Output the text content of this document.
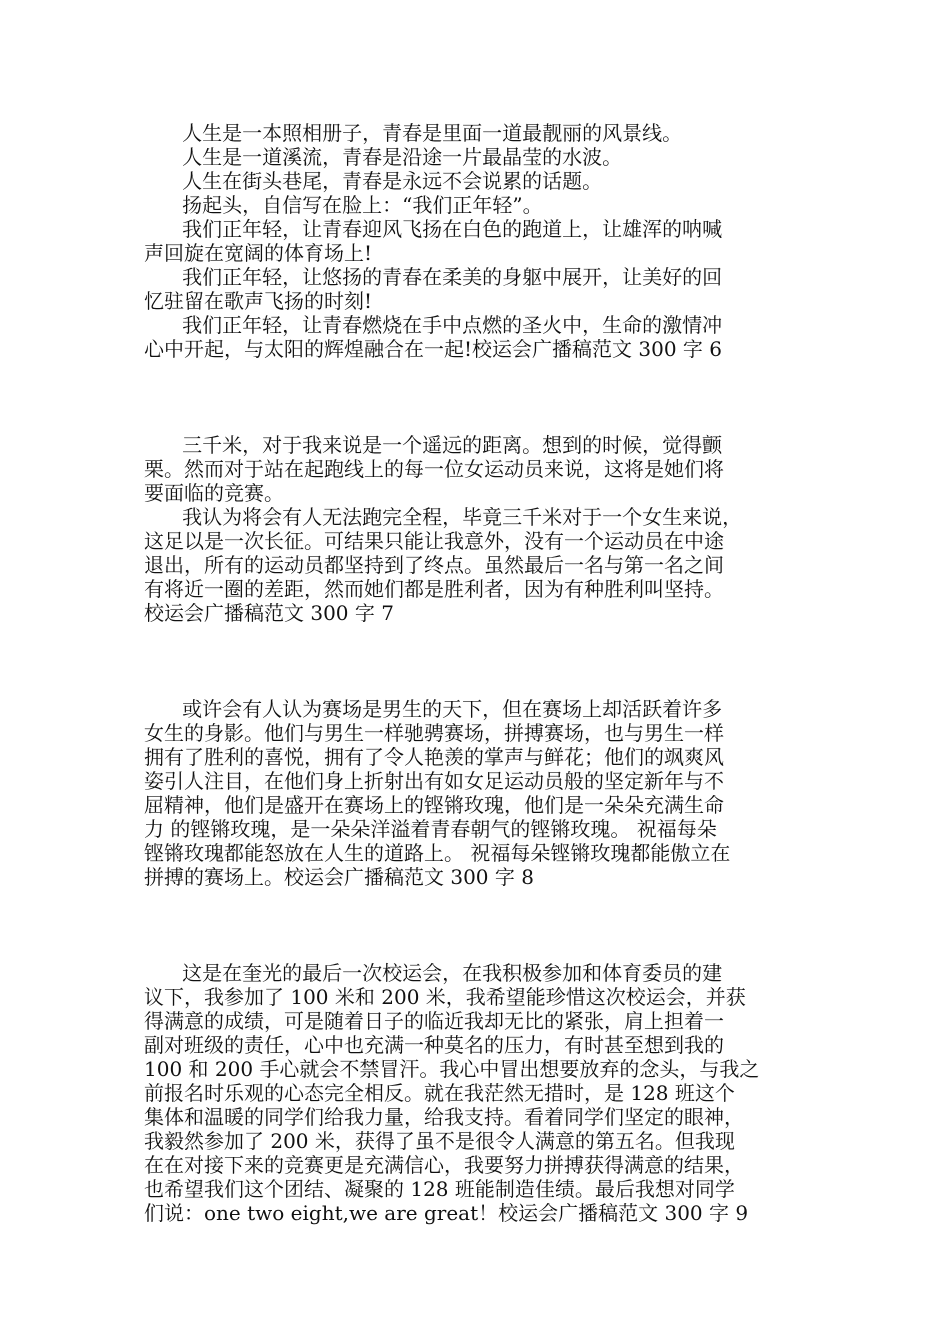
人生是一本照相册子，青春是里面一道最靓丽的风景线。
人生是一道溪流，青春是沿途一片最晶莹的水波。
人生在街头巷尾，青春是永远不会说累的话题。
扬起头，自信写在脸上：“我们正年轻”。
我们正年轻，让青春迎风飞扬在白色的跑道上，让雄浑的呐喊
声回旋在宽阔的体育场上!
我们正年轻，让悠扬的青春在柔美的身躯中展开，让美好的回
忆驻留在歌声飞扬的时刻!
我们正年轻，让青春燃烧在手中点燃的圣火中，生命的激情冲
心中开起，与太阳的辉煌融合在一起!校运会广播稿范文 300 字 6
三千米，对于我来说是一个遥远的距离。想到的时候，觉得颤
栗。然而对于站在起跑线上的每一位女运动员来说，这将是她们将
要面临的竞赛。
我认为将会有人无法跑完全程，毕竟三千米对于一个女生来说，
这足以是一次长征。可结果只能让我意外，没有一个运动员在中途
退出，所有的运动员都坚持到了终点。虽然最后一名与第一名之间
有将近一圈的差距，然而她们都是胜利者，因为有种胜利叫坚持。
校运会广播稿范文 300 字 7
或许会有人认为赛场是男生的天下，但在赛场上却活跃着许多
女生的身影。他们与男生一样驰骋赛场，拼搏赛场，也与男生一样
拥有了胜利的喜悦，拥有了令人艳羡的掌声与鲜花；他们的飒爽风
姿引人注目，在他们身上折射出有如女足运动员般的坚定新年与不
屈精神，他们是盛开在赛场上的铿锵玫瑰，他们是一朵朵充满生命
力 的铿锵玫瑰，是一朵朵洋溢着青春朝气的铿锵玫瑰。 祝福每朵
铿锵玫瑰都能怒放在人生的道路上。 祝福每朵铿锵玫瑰都能傲立在
拼搏的赛场上。校运会广播稿范文 300 字 8
这是在奎光的最后一次校运会，在我积极参加和体育委员的建
议下，我参加了 100 米和 200 米，我希望能珍惜这次校运会，并获
得满意的成绩，可是随着日子的临近我却无比的紧张，肩上担着一
副对班级的责任，心中也充满一种莫名的压力，有时甚至想到我的
100 和 200 手心就会不禁冒汗。我心中冒出想要放弃的念头，与我之
前报名时乐观的心态完全相反。就在我茫然无措时，是 128 班这个
集体和温暖的同学们给我力量，给我支持。看着同学们坚定的眼神，
我毅然参加了 200 米，获得了虽不是很令人满意的第五名。但我现
在在对接下来的竞赛更是充满信心，我要努力拼搏获得满意的结果，
也希望我们这个团结、凝聚的 128 班能制造佳绩。最后我想对同学
们说：one two eight,we are great！校运会广播稿范文 300 字 9
